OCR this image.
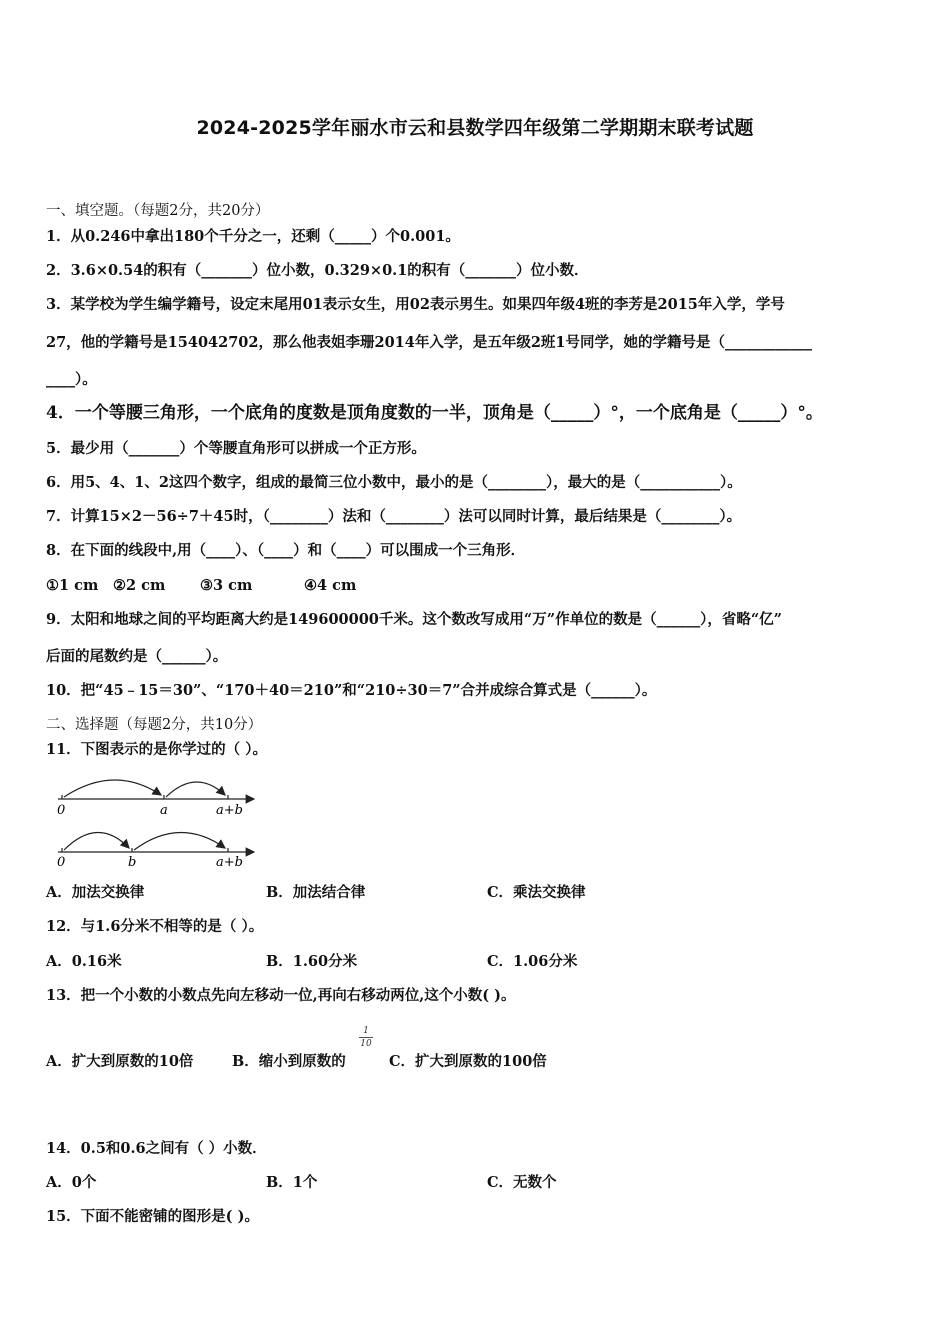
2024-2025学年丽水市云和县数学四年级第二学期期末联考试题
一、填空题。（每题2分，共20分）
1．从0.246中拿出180个千分之一，还剩（_____）个0.001。
2．3.6×0.54的积有（_______）位小数，0.329×0.1的积有（_______）位小数．
3．某学校为学生编学籍号，设定末尾用01表示女生，用02表示男生。如果四年级4班的李芳是2015年入学，学号
27，他的学籍号是154042702，那么他表姐李珊2014年入学，是五年级2班1号同学，她的学籍号是（____________
____）。
4．一个等腰三角形，一个底角的度数是顶角度数的一半，顶角是（_____）°，一个底角是（_____）°。
5．最少用（_______）个等腰直角形可以拼成一个正方形。
6．用5、4、1、2这四个数字，组成的最简三位小数中，最小的是（________），最大的是（___________）。
7．计算15×2－56÷7＋45时，（________）法和（________）法可以同时计算，最后结果是（________）。
8．在下面的线段中,用（____）、（____）和（____）可以围成一个三角形．
①1 cm ②2 cm ③3 cm	④4 cm
9．太阳和地球之间的平均距离大约是149600000千米。这个数改写成用“万”作单位的数是（______），省略“亿”
后面的尾数约是（______）。
10．把“45﹣15＝30”、“170＋40＝210”和“210÷30＝7”合并成综合算式是（______）。
二、选择题（每题2分，共10分）
11．下图表示的是你学过的（ ）。
0	a	a+b
0	b	a+b
A．加法交换律	B．加法结合律	C．乘法交换律
12．与1.6分米不相等的是（ ）。
A．0.16米	B．1.60分米	C．1.06分米
13．把一个小数的小数点先向左移动一位,再向右移动两位,这个小数( )。
A．扩大到原数的10倍	B．缩小到原数的
1
10
C．扩大到原数的100倍
14．0.5和0.6之间有（ ）小数．
A．0个	B．1个	C．无数个
15．下面不能密铺的图形是( )。
